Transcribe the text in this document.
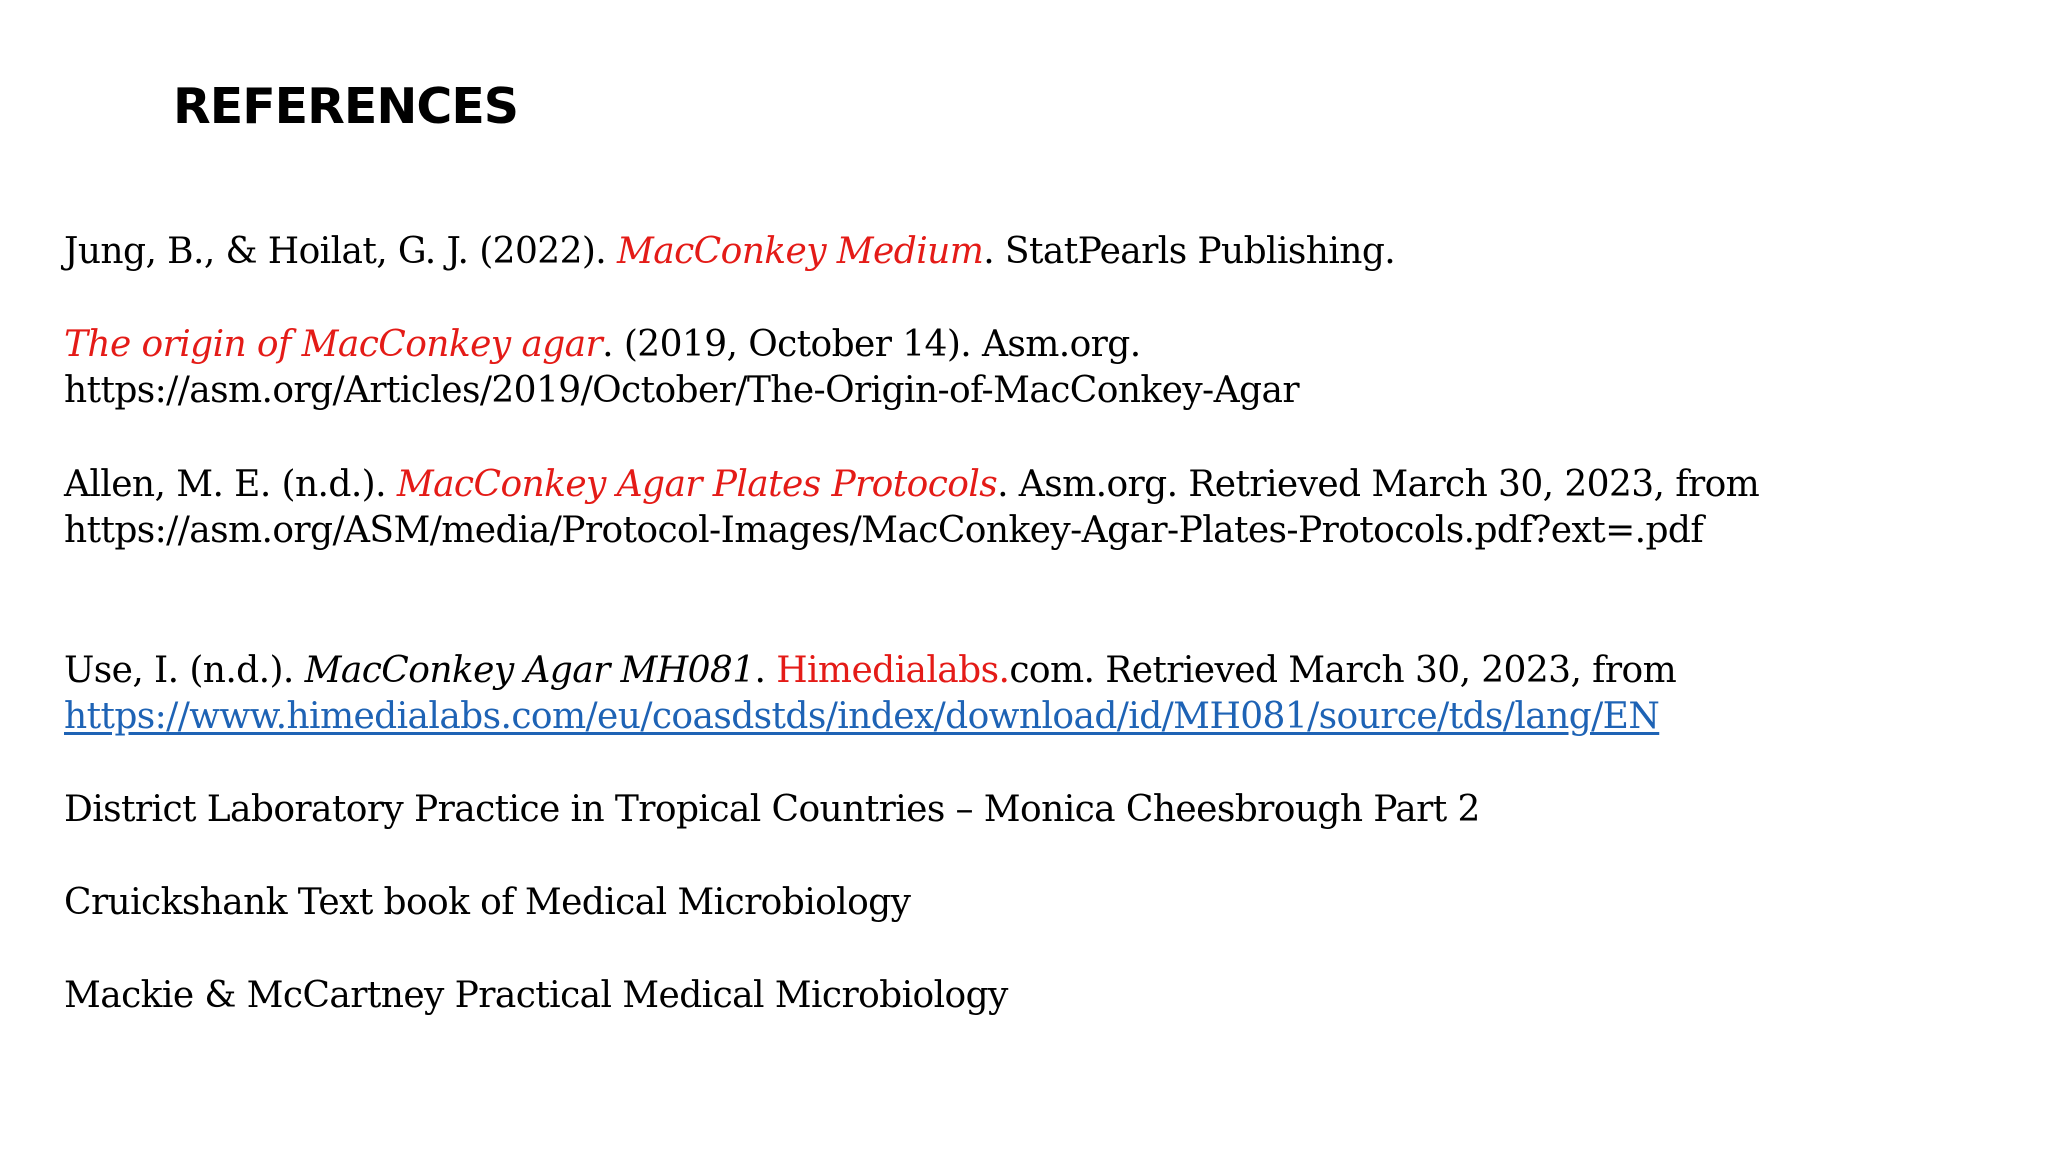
REFERENCES

Jung, B., & Hoilat, G. J. (2022). MacConkey Medium. StatPearls Publishing.

The origin of MacConkey agar. (2019, October 14). Asm.org.

https://asm.org/Articles/2019/October/The-Origin-of-MacConkey-Agar

Allen, M. E. (n.d.). MacConkey Agar Plates Protocols. Asm.org. Retrieved March 30, 2023, from

https://asm.org/ASM/media/Protocol-Images/MacConkey-Agar-Plates-Protocols.pdf?ext=.pdf

Use, I. (n.d.). MacConkey Agar MH081. Himedialabs.com. Retrieved March 30, 2023, from

https://www.himedialabs.com/eu/coasdstds/index/download/id/MH081/source/tds/lang/EN

District Laboratory Practice in Tropical Countries – Monica Cheesbrough Part 2

Cruickshank Text book of Medical Microbiology

Mackie & McCartney Practical Medical Microbiology
